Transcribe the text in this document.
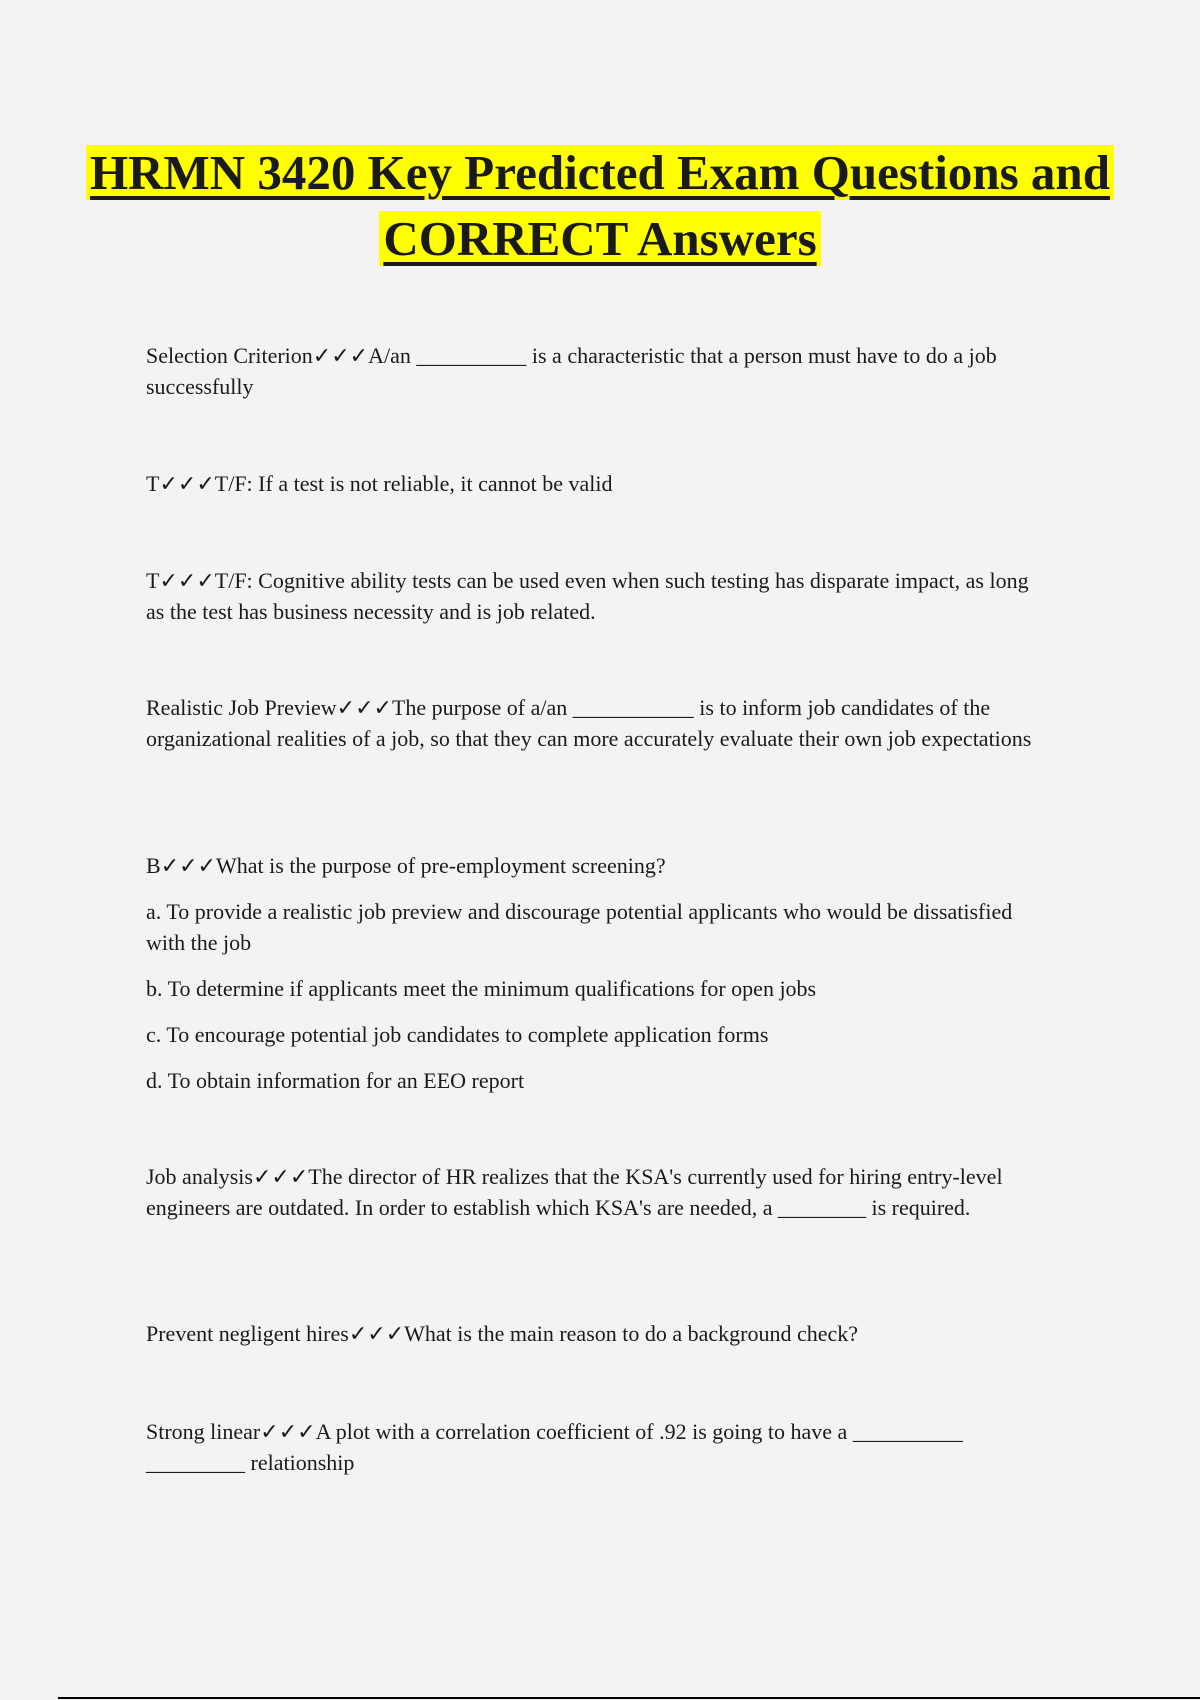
HRMN 3420 Key Predicted Exam Questions and CORRECT Answers

Selection Criterion✓✓✓A/an __________ is a characteristic that a person must have to do a job successfully

T✓✓✓T/F: If a test is not reliable, it cannot be valid

T✓✓✓T/F: Cognitive ability tests can be used even when such testing has disparate impact, as long as the test has business necessity and is job related.

Realistic Job Preview✓✓✓The purpose of a/an ___________ is to inform job candidates of the organizational realities of a job, so that they can more accurately evaluate their own job expectations

B✓✓✓What is the purpose of pre-employment screening?

a. To provide a realistic job preview and discourage potential applicants who would be dissatisfied with the job

b. To determine if applicants meet the minimum qualifications for open jobs

c. To encourage potential job candidates to complete application forms

d. To obtain information for an EEO report

Job analysis✓✓✓The director of HR realizes that the KSA's currently used for hiring entry-level engineers are outdated. In order to establish which KSA's are needed, a ________ is required.

Prevent negligent hires✓✓✓What is the main reason to do a background check?

Strong linear✓✓✓A plot with a correlation coefficient of .92 is going to have a __________
_________ relationship
